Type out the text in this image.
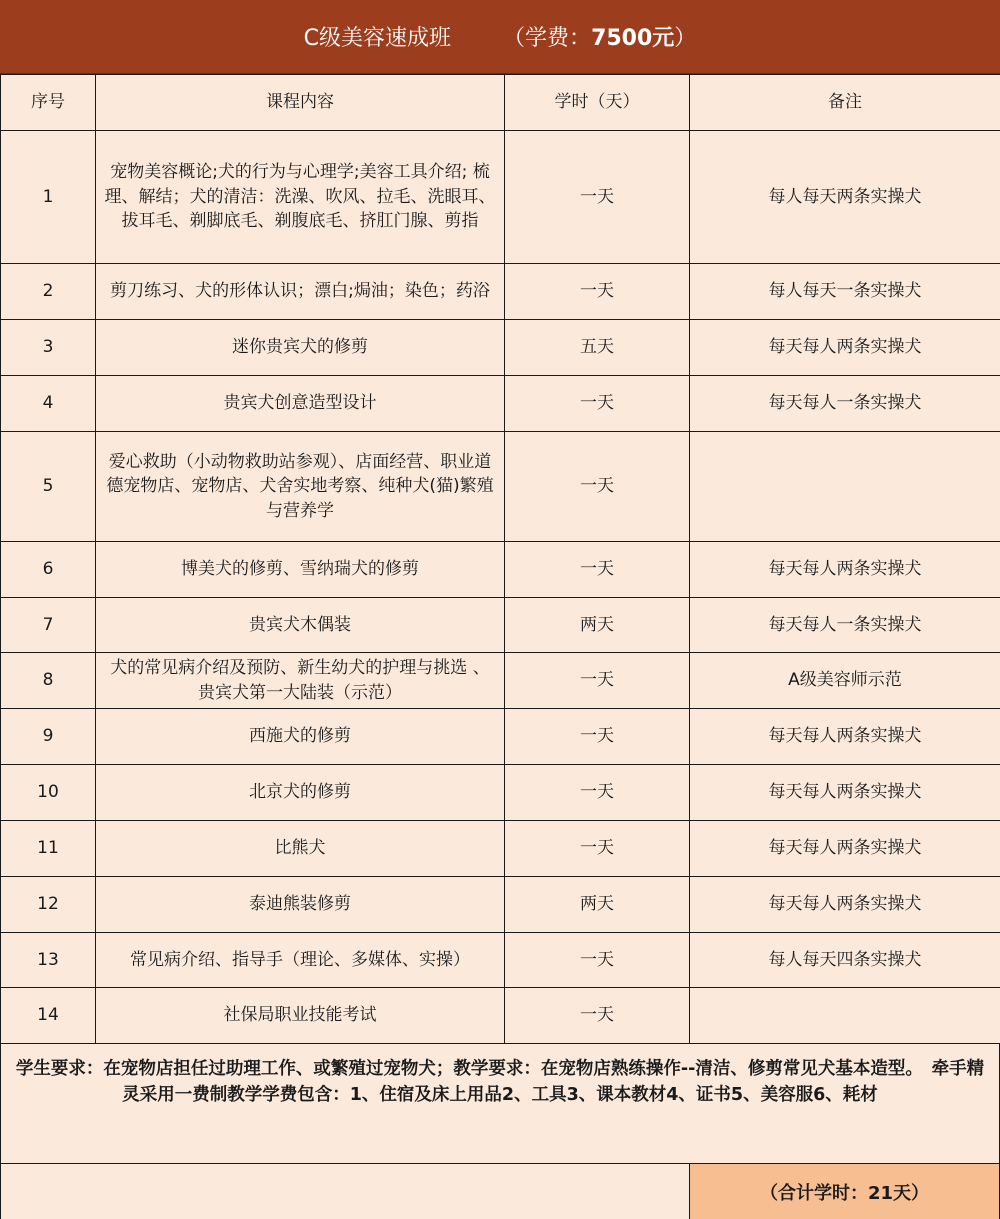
C级美容速成班 （学费：7500元）
序号	课程内容	学时（天）	备注
1	宠物美容概论;犬的行为与心理学;美容工具介绍; 梳理、解结；犬的清洁：洗澡、吹风、拉毛、洗眼耳、拔耳毛、剃脚底毛、剃腹底毛、挤肛门腺、剪指	一天	每人每天两条实操犬
2	剪刀练习、犬的形体认识；漂白;焗油；染色；药浴	一天	每人每天一条实操犬
3	迷你贵宾犬的修剪	五天	每天每人两条实操犬
4	贵宾犬创意造型设计	一天	每天每人一条实操犬
5	爱心救助（小动物救助站参观）、店面经营、职业道德宠物店、宠物店、犬舍实地考察、纯种犬(猫)繁殖与营养学	一天	
6	博美犬的修剪、雪纳瑞犬的修剪	一天	每天每人两条实操犬
7	贵宾犬木偶装	两天	每天每人一条实操犬
8	犬的常见病介绍及预防、新生幼犬的护理与挑选 、贵宾犬第一大陆装（示范）	一天	A级美容师示范
9	西施犬的修剪	一天	每天每人两条实操犬
10	北京犬的修剪	一天	每天每人两条实操犬
11	比熊犬	一天	每天每人两条实操犬
12	泰迪熊装修剪	两天	每天每人两条实操犬
13	常见病介绍、指导手（理论、多媒体、实操）	一天	每人每天四条实操犬
14	社保局职业技能考试	一天	
学生要求：在宠物店担任过助理工作、或繁殖过宠物犬；教学要求：在宠物店熟练操作--清洁、修剪常见犬基本造型。　牵手精灵采用一费制教学学费包含：1、住宿及床上用品2、工具3、课本教材4、证书5、美容服6、耗材
（合计学时：21天）
